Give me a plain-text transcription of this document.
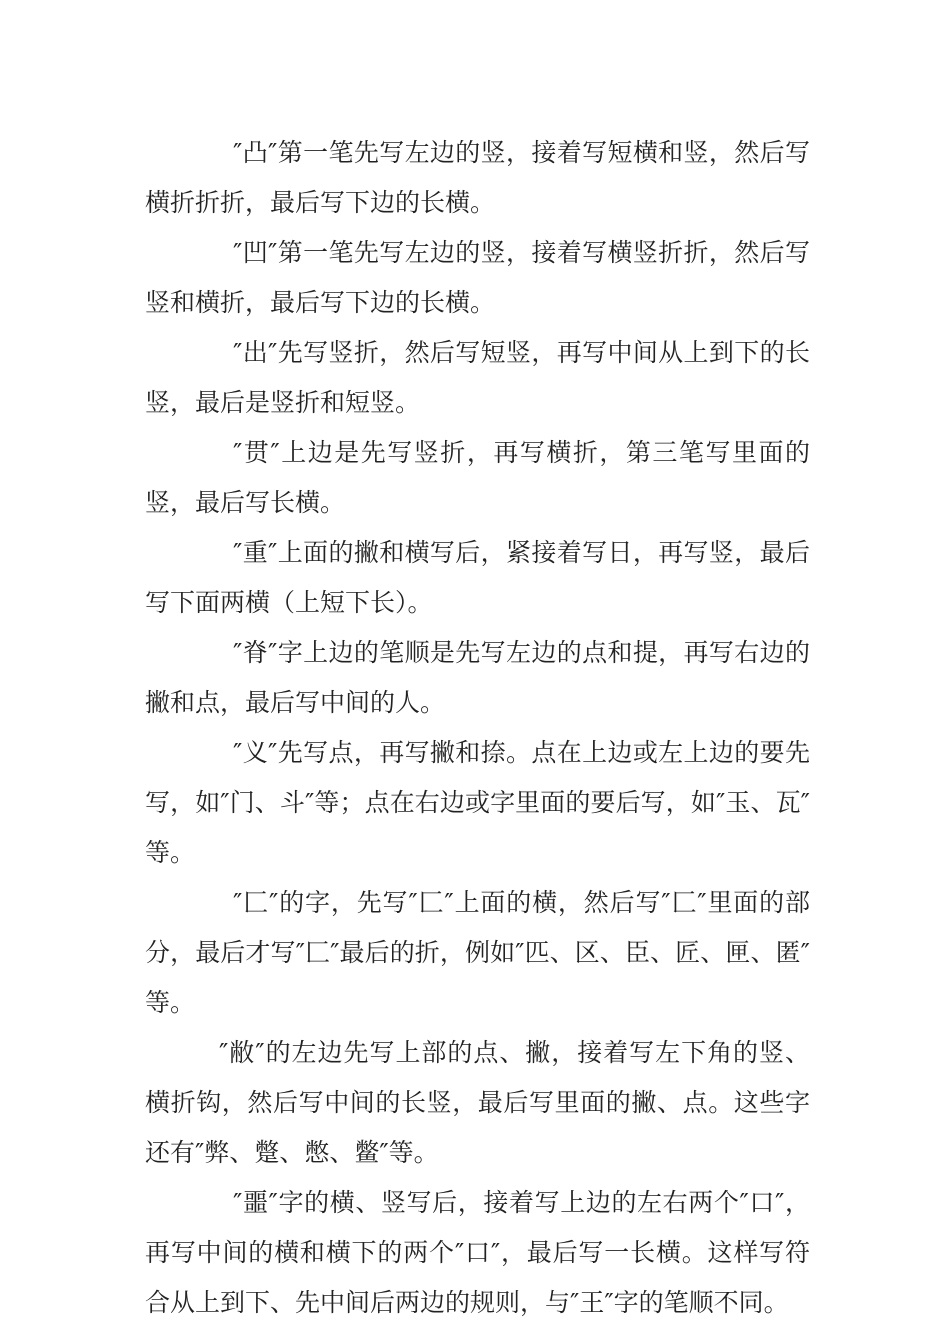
″凸″第一笔先写左边的竖，接着写短横和竖，然后写横折折折，最后写下边的长横。

″凹″第一笔先写左边的竖，接着写横竖折折，然后写竖和横折，最后写下边的长横。

″出″先写竖折，然后写短竖，再写中间从上到下的长竖，最后是竖折和短竖。

″贯″上边是先写竖折，再写横折，第三笔写里面的竖，最后写长横。

″重″上面的撇和横写后，紧接着写日，再写竖，最后写下面两横（上短下长）。

″脊″字上边的笔顺是先写左边的点和提，再写右边的撇和点，最后写中间的人。

″义″先写点，再写撇和捺。点在上边或左上边的要先写，如″门、斗″等；点在右边或字里面的要后写，如″玉、瓦″等。

″匚″的字，先写″匚″上面的横，然后写″匚″里面的部分，最后才写″匚″最后的折，例如″匹、区、臣、匠、匣、匿″等。

″敝″的左边先写上部的点、撇，接着写左下角的竖、横折钩，然后写中间的长竖，最后写里面的撇、点。这些字还有″弊、蹩、憋、鳖″等。

″噩″字的横、竖写后，接着写上边的左右两个″口″，再写中间的横和横下的两个″口″，最后写一长横。这样写符合从上到下、先中间后两边的规则，与″王″字的笔顺不同。
